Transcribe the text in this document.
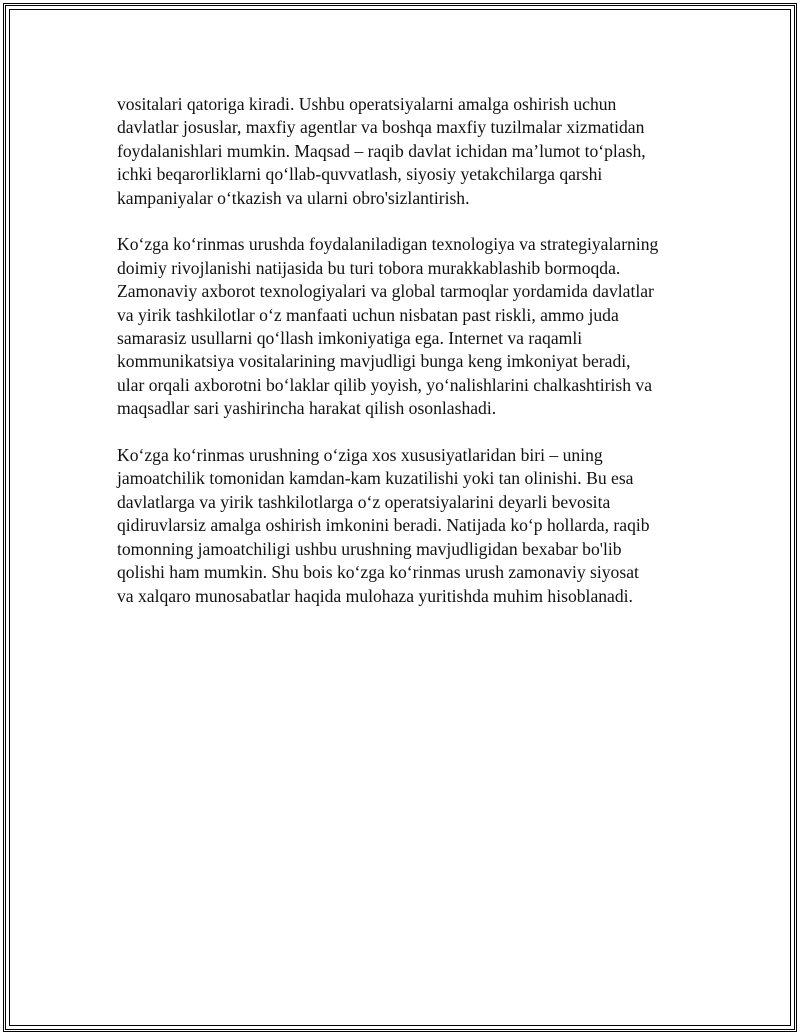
vositalari qatoriga kiradi. Ushbu operatsiyalarni amalga oshirish uchun
davlatlar josuslar, maxfiy agentlar va boshqa maxfiy tuzilmalar xizmatidan
foydalanishlari mumkin. Maqsad – raqib davlat ichidan ma’lumot to‘plash,
ichki beqarorliklarni qo‘llab-quvvatlash, siyosiy yetakchilarga qarshi
kampaniyalar o‘tkazish va ularni obro'sizlantirish.

Ko‘zga ko‘rinmas urushda foydalaniladigan texnologiya va strategiyalarning
doimiy rivojlanishi natijasida bu turi tobora murakkablashib bormoqda.
Zamonaviy axborot texnologiyalari va global tarmoqlar yordamida davlatlar
va yirik tashkilotlar o‘z manfaati uchun nisbatan past riskli, ammo juda
samarasiz usullarni qo‘llash imkoniyatiga ega. Internet va raqamli
kommunikatsiya vositalarining mavjudligi bunga keng imkoniyat beradi,
ular orqali axborotni bo‘laklar qilib yoyish, yo‘nalishlarini chalkashtirish va
maqsadlar sari yashirincha harakat qilish osonlashadi.

Ko‘zga ko‘rinmas urushning o‘ziga xos xususiyatlaridan biri – uning
jamoatchilik tomonidan kamdan-kam kuzatilishi yoki tan olinishi. Bu esa
davlatlarga va yirik tashkilotlarga o‘z operatsiyalarini deyarli bevosita
qidiruvlarsiz amalga oshirish imkonini beradi. Natijada ko‘p hollarda, raqib
tomonning jamoatchiligi ushbu urushning mavjudligidan bexabar bo'lib
qolishi ham mumkin. Shu bois ko‘zga ko‘rinmas urush zamonaviy siyosat
va xalqaro munosabatlar haqida mulohaza yuritishda muhim hisoblanadi.
